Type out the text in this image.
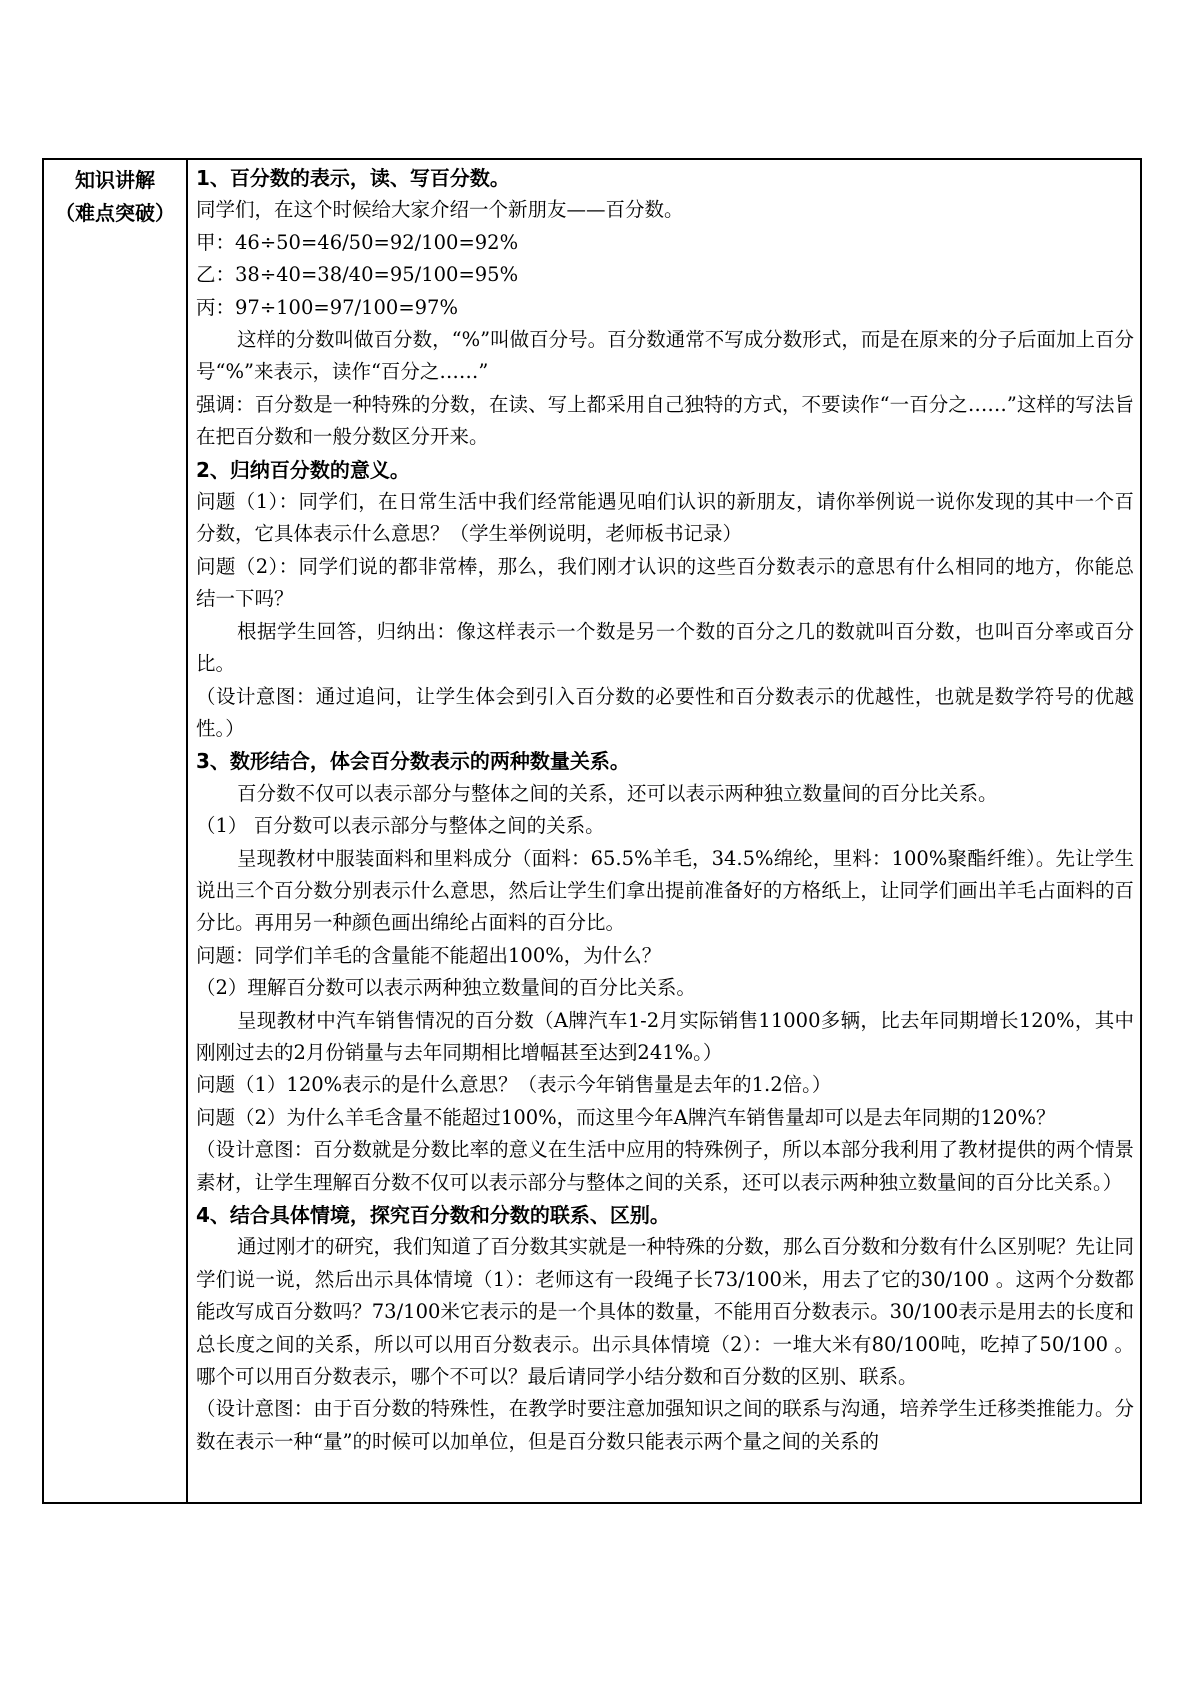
知识讲解
（难点突破）

1、百分数的表示，读、写百分数。

同学们，在这个时候给大家介绍一个新朋友——百分数。

甲：46÷50=46/50=92/100=92%

乙：38÷40=38/40=95/100=95%

丙：97÷100=97/100=97%

这样的分数叫做百分数，“%”叫做百分号。百分数通常不写成分数形式，而是在原来的分子后面加上百分号“%”来表示，读作“百分之……”

强调：百分数是一种特殊的分数，在读、写上都采用自己独特的方式，不要读作“一百分之……”这样的写法旨在把百分数和一般分数区分开来。

2、归纳百分数的意义。

问题（1）：同学们，在日常生活中我们经常能遇见咱们认识的新朋友，请你举例说一说你发现的其中一个百分数，它具体表示什么意思？（学生举例说明，老师板书记录）

问题（2）：同学们说的都非常棒，那么，我们刚才认识的这些百分数表示的意思有什么相同的地方，你能总结一下吗？

根据学生回答，归纳出：像这样表示一个数是另一个数的百分之几的数就叫百分数，也叫百分率或百分比。

（设计意图：通过追问，让学生体会到引入百分数的必要性和百分数表示的优越性，也就是数学符号的优越性。）

3、数形结合，体会百分数表示的两种数量关系。

百分数不仅可以表示部分与整体之间的关系，还可以表示两种独立数量间的百分比关系。

（1） 百分数可以表示部分与整体之间的关系。

呈现教材中服装面料和里料成分（面料：65.5%羊毛，34.5%绵纶，里料：100%聚酯纤维）。先让学生说出三个百分数分别表示什么意思，然后让学生们拿出提前准备好的方格纸上，让同学们画出羊毛占面料的百分比。再用另一种颜色画出绵纶占面料的百分比。

问题：同学们羊毛的含量能不能超出100%，为什么？

（2）理解百分数可以表示两种独立数量间的百分比关系。

呈现教材中汽车销售情况的百分数（A牌汽车1-2月实际销售11000多辆，比去年同期增长120%，其中刚刚过去的2月份销量与去年同期相比增幅甚至达到241%。）

问题（1）120%表示的是什么意思？（表示今年销售量是去年的1.2倍。）

问题（2）为什么羊毛含量不能超过100%，而这里今年A牌汽车销售量却可以是去年同期的120%？

（设计意图：百分数就是分数比率的意义在生活中应用的特殊例子，所以本部分我利用了教材提供的两个情景素材，让学生理解百分数不仅可以表示部分与整体之间的关系，还可以表示两种独立数量间的百分比关系。）

4、结合具体情境，探究百分数和分数的联系、区别。

通过刚才的研究，我们知道了百分数其实就是一种特殊的分数，那么百分数和分数有什么区别呢？先让同学们说一说，然后出示具体情境（1）：老师这有一段绳子长73/100米，用去了它的30/100 。这两个分数都能改写成百分数吗？73/100米它表示的是一个具体的数量，不能用百分数表示。30/100表示是用去的长度和总长度之间的关系，所以可以用百分数表示。出示具体情境（2）：一堆大米有80/100吨，吃掉了50/100 。哪个可以用百分数表示，哪个不可以？最后请同学小结分数和百分数的区别、联系。

（设计意图：由于百分数的特殊性，在教学时要注意加强知识之间的联系与沟通，培养学生迁移类推能力。分数在表示一种“量”的时候可以加单位，但是百分数只能表示两个量之间的关系的
